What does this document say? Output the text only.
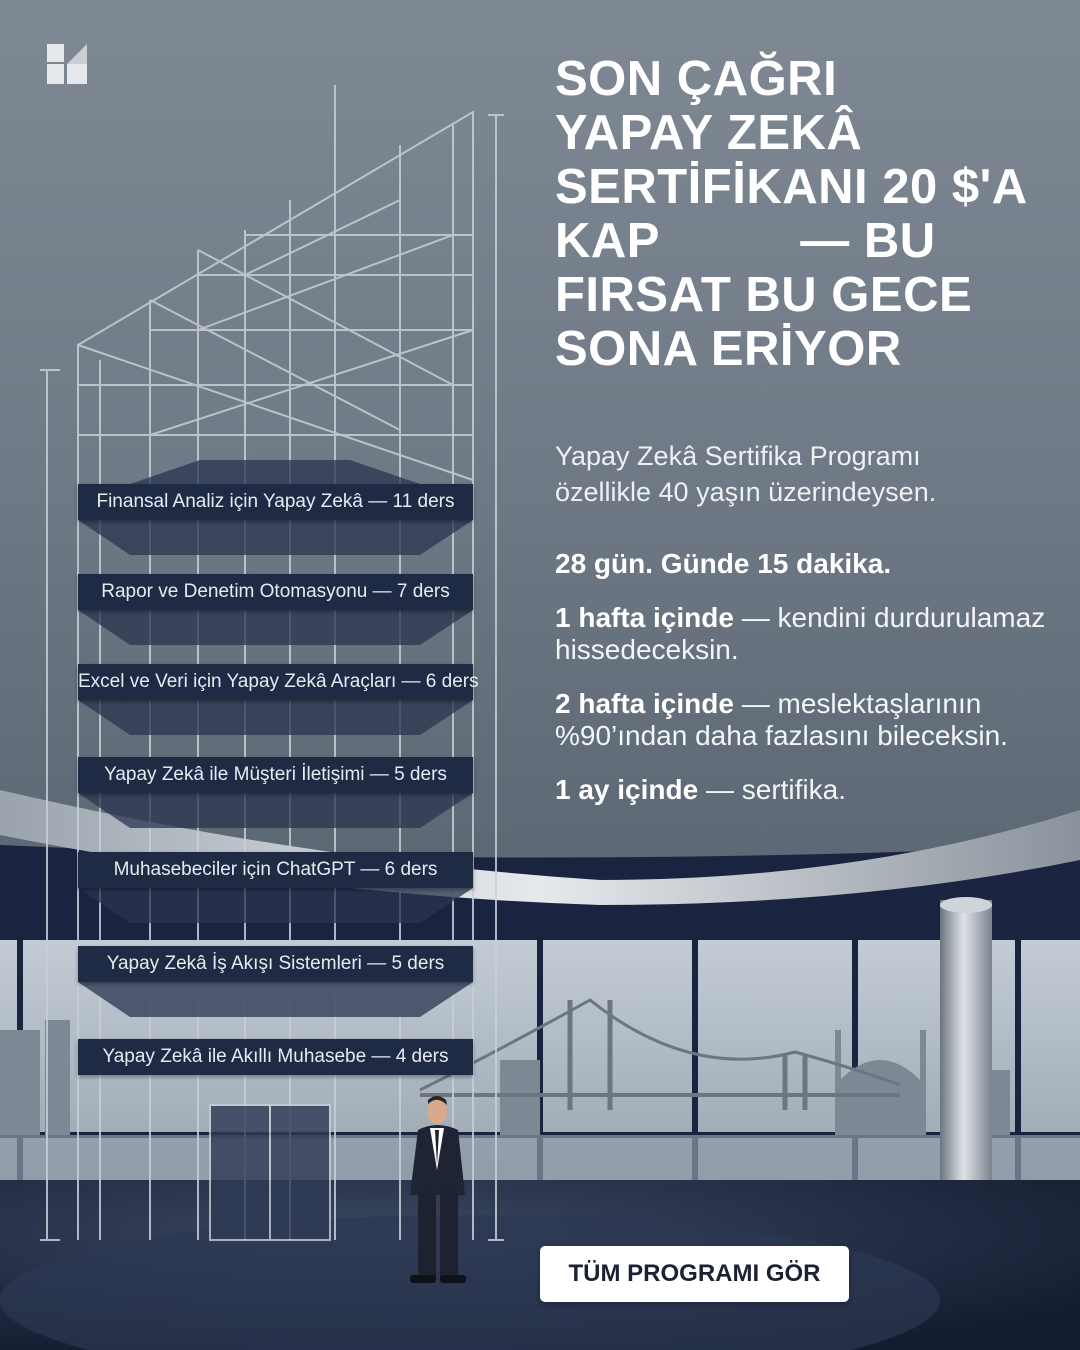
SON ÇAĞRI
YAPAY ZEKÂ
SERTİFİKANI 20 $'A
KAP          — BU
FIRSAT BU GECE
SONA ERİYOR

Yapay Zekâ Sertifika Programı
özellikle 40 yaşın üzerindeysen.

28 gün. Günde 15 dakika.

1 hafta içinde — kendini durdurulamaz hissedeceksin.

2 hafta içinde — meslektaşlarının %90’ından daha fazlasını bileceksin.

1 ay içinde — sertifika.

Finansal Analiz için Yapay Zekâ — 11 ders
Rapor ve Denetim Otomasyonu — 7 ders
Excel ve Veri için Yapay Zekâ Araçları — 6 ders
Yapay Zekâ ile Müşteri İletişimi — 5 ders
Muhasebeciler için ChatGPT — 6 ders
Yapay Zekâ İş Akışı Sistemleri — 5 ders
Yapay Zekâ ile Akıllı Muhasebe — 4 ders
TÜM PROGRAMI GÖR
